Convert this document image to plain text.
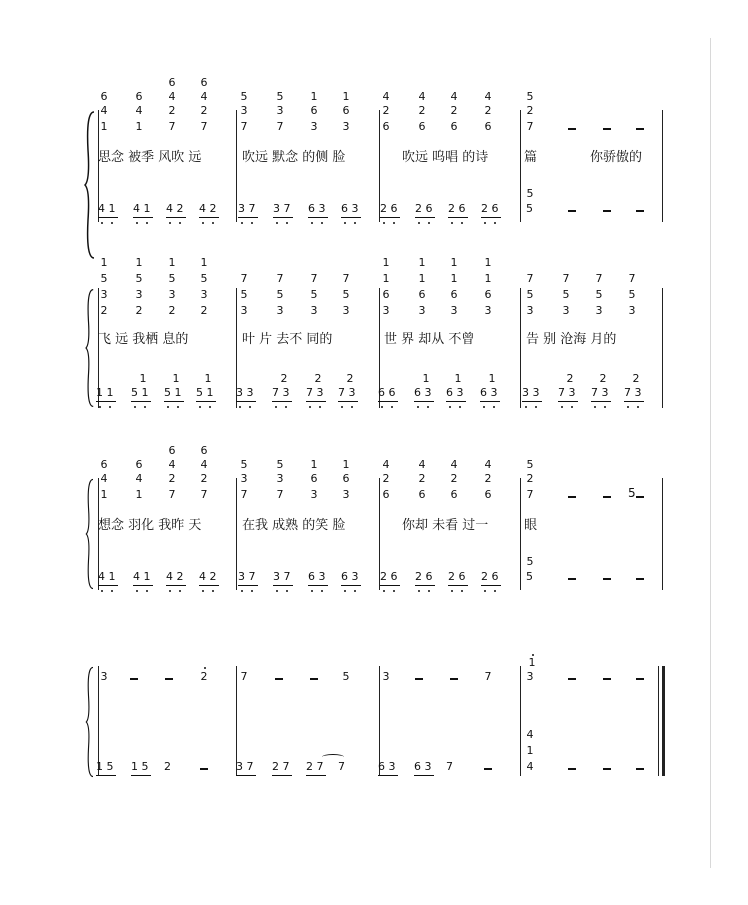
6	6
6	6	4	4	5	5	1	1	4	4	4	4	5
4	4	2	2	3	3	6	6	2	2	2	2	2
1	1	7	7	7	7	3	3	6	6	6	6	7
4 1 4 1 4 2 4 2 3 7 3 7 6 3 6 3 2 6 2 6 2 6 2 6	5
5
思念 被季 风吹 远	吹远 默念 的侧 脸	吹远 呜唱 的诗	篇	你骄傲的
1	1	1	1	1	1	1	1
5	5	5	5	7	7	7	7	7	7	7	7
3	3	3	3	5	5	5	5	6	6	6	6	5	5	5	5
2	2	2	2	3	3	3	3	3	3	3	3	3	3	3	3
1	1	1	1
1 1 5 1 5 1 5 1 3 3 7 3 7 3 7 3 6 6 6 3 6 3 6 3 3 3 7 3 7 3 7 3
1	1	1	2	2	2	1	1	1	2	2	2
飞 远 我栖 息的	叶 片 去不 同的	世 界 却从 不曾	告 别 沧海 月的
6	6
6	6	4	4	5	5	1	1	4	4	4	4	5
4	4	2	2	3	3	6	6	2	2	2	2	2
1	1	7	7	7	7	3	3	6	6	6	6	7
4 1 4 1 4 2 4 2 3 7 3 7 6 3 6 3 2 6 2 6 2 6 2 6	5
5
5
想念 羽化 我昨 天	在我 成熟 的笑 脸	你却 未看 过一	眼
3	2	7	5	3	7	3
1
1 5 1 5 2	3 7 2 7 2 7 7	6 3 6 3 7
4
1
4
